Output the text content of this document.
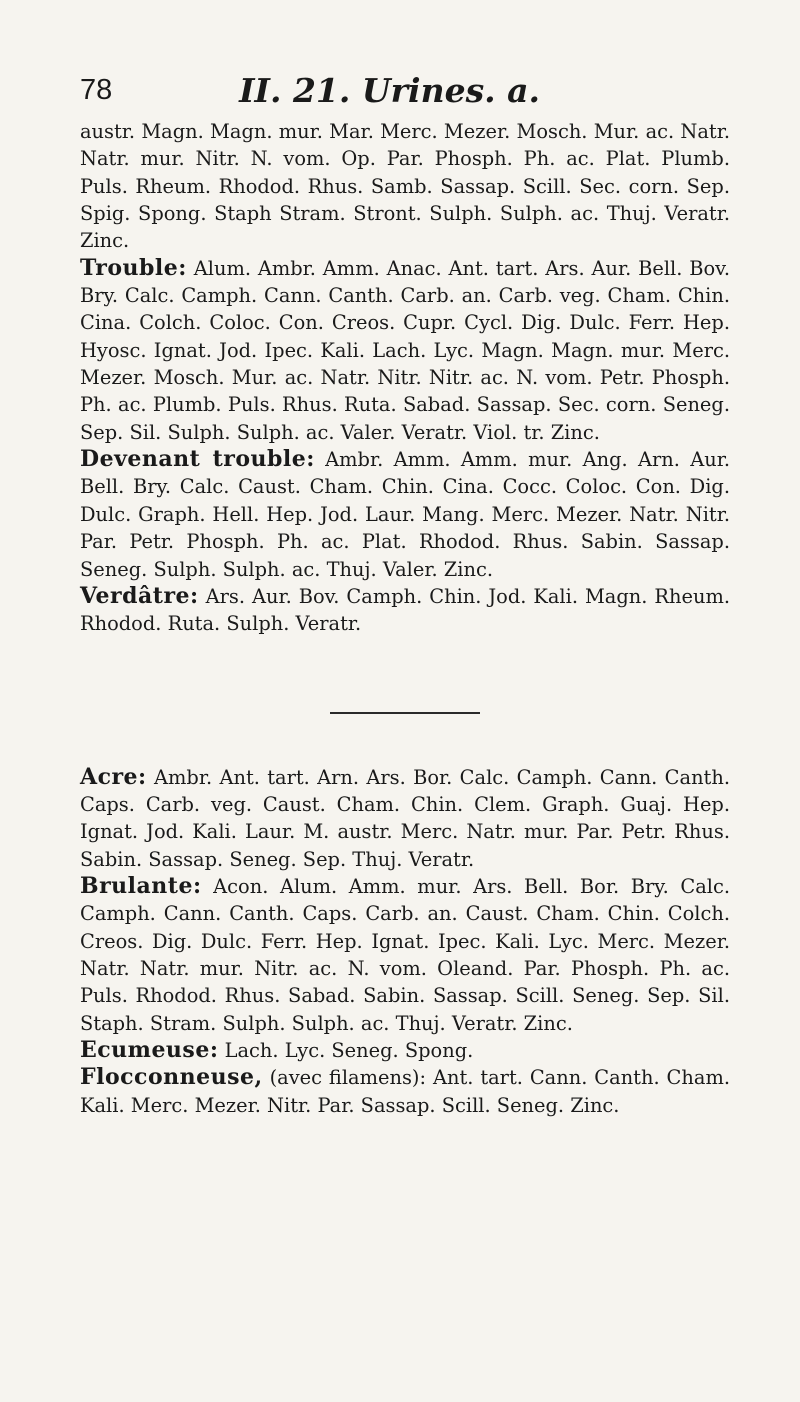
78	II. 21. Urines. a.

austr. Magn. Magn. mur. Mar. Merc. Mezer. Mosch. Mur. ac. Natr. Natr. mur. Nitr. N. vom. Op. Par. Phosph. Ph. ac. Plat. Plumb. Puls. Rheum. Rhodod. Rhus. Samb. Sassap. Scill. Sec. corn. Sep. Spig. Spong. Staph Stram. Stront. Sulph. Sulph. ac. Thuj. Veratr. Zinc.
Trouble: Alum. Ambr. Amm. Anac. Ant. tart. Ars. Aur. Bell. Bov. Bry. Calc. Camph. Cann. Canth. Carb. an. Carb. veg. Cham. Chin. Cina. Colch. Coloc. Con. Creos. Cupr. Cycl. Dig. Dulc. Ferr. Hep. Hyosc. Ignat. Jod. Ipec. Kali. Lach. Lyc. Magn. Magn. mur. Merc. Mezer. Mosch. Mur. ac. Natr. Nitr. Nitr. ac. N. vom. Petr. Phosph. Ph. ac. Plumb. Puls. Rhus. Ruta. Sabad. Sassap. Sec. corn. Seneg. Sep. Sil. Sulph. Sulph. ac. Valer. Veratr. Viol. tr. Zinc.
Devenant trouble: Ambr. Amm. Amm. mur. Ang. Arn. Aur. Bell. Bry. Calc. Caust. Cham. Chin. Cina. Cocc. Coloc. Con. Dig. Dulc. Graph. Hell. Hep. Jod. Laur. Mang. Merc. Mezer. Natr. Nitr. Par. Petr. Phosph. Ph. ac. Plat. Rhodod. Rhus. Sabin. Sassap. Seneg. Sulph. Sulph. ac. Thuj. Valer. Zinc.
Verdâtre: Ars. Aur. Bov. Camph. Chin. Jod. Kali. Magn. Rheum. Rhodod. Ruta. Sulph. Veratr.

Acre: Ambr. Ant. tart. Arn. Ars. Bor. Calc. Camph. Cann. Canth. Caps. Carb. veg. Caust. Cham. Chin. Clem. Graph. Guaj. Hep. Ignat. Jod. Kali. Laur. M. austr. Merc. Natr. mur. Par. Petr. Rhus. Sabin. Sassap. Seneg. Sep. Thuj. Veratr.
Brulante: Acon. Alum. Amm. mur. Ars. Bell. Bor. Bry. Calc. Camph. Cann. Canth. Caps. Carb. an. Caust. Cham. Chin. Colch. Creos. Dig. Dulc. Ferr. Hep. Ignat. Ipec. Kali. Lyc. Merc. Mezer. Natr. Natr. mur. Nitr. ac. N. vom. Oleand. Par. Phosph. Ph. ac. Puls. Rhodod. Rhus. Sabad. Sabin. Sassap. Scill. Seneg. Sep. Sil. Staph. Stram. Sulph. Sulph. ac. Thuj. Veratr. Zinc.
Ecumeuse: Lach. Lyc. Seneg. Spong.
Flocconneuse, (avec filamens): Ant. tart. Cann. Canth. Cham. Kali. Merc. Mezer. Nitr. Par. Sassap. Scill. Seneg. Zinc.
